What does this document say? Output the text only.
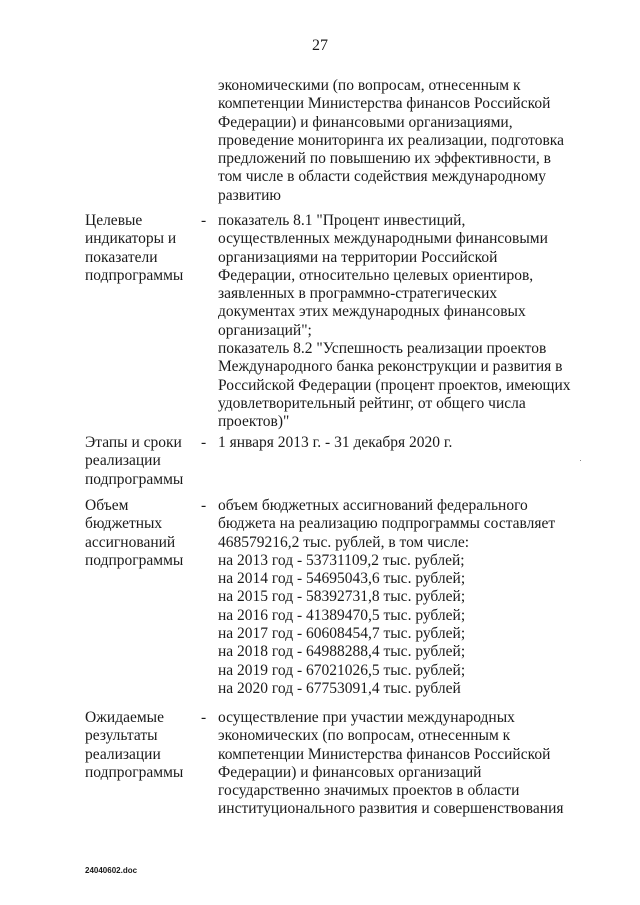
27
экономическими (по вопросам, отнесенным к
компетенции Министерства финансов Российской
Федерации) и финансовыми организациями,
проведение мониторинга их реализации, подготовка
предложений по повышению их эффективности, в
том числе в области содействия международному
развитию
Целевые
индикаторы и
показатели
подпрограммы
- показатель 8.1 "Процент инвестиций,
осуществленных международными финансовыми
организациями на территории Российской
Федерации, относительно целевых ориентиров,
заявленных в программно-стратегических
документах этих международных финансовых
организаций";
показатель 8.2 "Успешность реализации проектов
Международного банка реконструкции и развития в
Российской Федерации (процент проектов, имеющих
удовлетворительный рейтинг, от общего числа
проектов)"
Этапы и сроки
реализации
подпрограммы
- 1 января 2013 г. - 31 декабря 2020 г.
Объем
бюджетных
ассигнований
подпрограммы
- объем бюджетных ассигнований федерального
бюджета на реализацию подпрограммы составляет
468579216,2 тыс. рублей, в том числе:
на 2013 год - 53731109,2 тыс. рублей;
на 2014 год - 54695043,6 тыс. рублей;
на 2015 год - 58392731,8 тыс. рублей;
на 2016 год - 41389470,5 тыс. рублей;
на 2017 год - 60608454,7 тыс. рублей;
на 2018 год - 64988288,4 тыс. рублей;
на 2019 год - 67021026,5 тыс. рублей;
на 2020 год - 67753091,4 тыс. рублей
Ожидаемые
результаты
реализации
подпрограммы
- осуществление при участии международных
экономических (по вопросам, отнесенным к
компетенции Министерства финансов Российской
Федерации) и финансовых организаций
государственно значимых проектов в области
институционального развития и совершенствования
24040602.doc
